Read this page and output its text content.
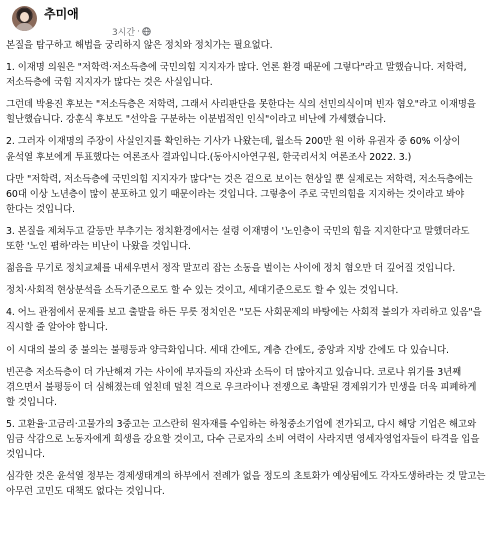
추미애
3시간 ·

본질을 탐구하고 해법을 궁리하지 않은 정치와 정치가는 필요없다.

1. 이재명 의원은 "저학력·저소득층에 국민의힘 지지자가 많다. 언론 환경 때문에 그렇다"라고 말했습니다. 저학력, 저소득층에 국힘 지지자가 많다는 것은 사실입니다.

그런데 박용진 후보는 "저소득층은 저학력, 그래서 사리판단을 못한다는 식의 선민의식이며 빈자 혐오"라고 이재명을 힐난했습니다. 강훈식 후보도 "선악을 구분하는 이분법적인 인식"이라고 비난에 가세했습니다.

2. 그러자 이재명의 주장이 사실인지를 확인하는 기사가 나왔는데, 월소득 200만 원 이하 유권자 중 60% 이상이 윤석열 후보에게 투표했다는 여론조사 결과입니다.(동아시아연구원, 한국리서치 여론조사 2022. 3.)

다만 "저학력, 저소득층에 국민의힘 지지자가 많다"는 것은 겉으로 보이는 현상일 뿐 실제로는 저학력, 저소득층에는 60대 이상 노년층이 많이 분포하고 있기 때문이라는 것입니다. 그렇충이 주로 국민의힘을 지지하는 것이라고 봐야 한다는 것입니다.

3. 본질을 제쳐두고 갈등만 부추기는 정치환경에서는 설령 이재명이 '노인층이 국민의 힘을 지지한다'고 말했더라도 또한 '노인 폄하'라는 비난이 나왔을 것입니다.

젊음을 무기로 정치교체를 내세우면서 정작 말꼬리 잡는 소동을 벌이는 사이에 정치 혐오만 더 깊어질 것입니다.

정치·사회적 현상분석을 소득기준으로도 할 수 있는 것이고, 세대기준으로도 할 수 있는 것입니다.

4. 어느 관점에서 문제를 보고 출발을 하든 무릇 정치인은 "모든 사회문제의 바탕에는 사회적 불의가 자리하고 있음"을 직시할 줄 알아야 합니다.

이 시대의 불의 중 불의는 불평등과 양극화입니다. 세대 간에도, 계층 간에도, 중앙과 지방 간에도 다 있습니다.

빈곤층 저소득층이 더 가난해져 가는 사이에 부자들의 자산과 소득이 더 많아지고 있습니다. 코로나 위기를 3년째 겪으면서 불평등이 더 심해졌는데 엎친데 덮친 격으로 우크라이나 전쟁으로 촉발된 경제위기가 민생을 더욱 피폐하게 할 것입니다.

5. 고환율·고금리·고물가의 3중고는 고스란히 원자재를 수입하는 하청중소기업에 전가되고, 다시 해당 기업은 해고와 임금 삭감으로 노동자에게 희생을 강요할 것이고, 다수 근로자의 소비 여력이 사라지면 영세자영업자들이 타격을 입을 것입니다.

심각한 것은 윤석열 정부는 경제생태계의 하부에서 전례가 없을 정도의 초토화가 예상됨에도 각자도생하라는 것 말고는 아무런 고민도 대책도 없다는 것입니다.
